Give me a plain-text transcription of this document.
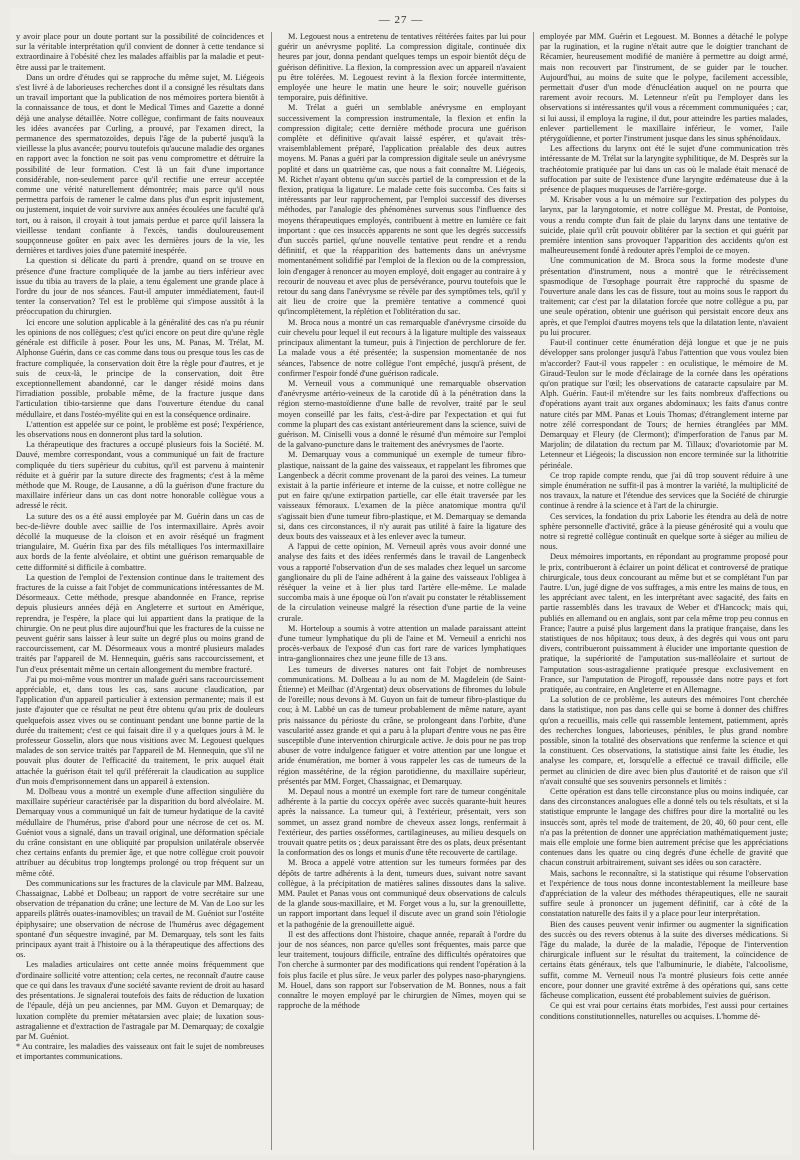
— 27 —

y avoir place pour un doute portant sur la possibilité de coïncidences et sur la véritable interprétation qu'il convient de donner à cette tendance si extraordinaire à l'obésité chez les malades affaiblis par la maladie et peut-être aussi par le traitement.

Dans un ordre d'études qui se rapproche du même sujet, M. Liégeois s'est livré à de laborieuses recherches dont il a consigné les résultats dans un travail important que la publication de nos mémoires portera bientôt à la connaissance de tous, et dont le Medical Times and Gazette a donné déjà une analyse détaillée. Notre collègue, confirmant de faits nouveaux les idées avancées par Curling, a prouvé, par l'examen direct, la permanence des spermatozoïdes, depuis l'âge de la puberté jusqu'à la vieillesse la plus avancée; pourvu toutefois qu'aucune maladie des organes en rapport avec la fonction ne soit pas venu compromettre et détruire la possibilité de leur formation. C'est là un fait d'une importance considérable, non-seulement parce qu'il rectifie une erreur acceptée comme une vérité naturellement démontrée; mais parce qu'il nous permettra parfois de ramener le calme dans plus d'un esprit injustement, ou justement, inquiet de voir survivre aux années écoulées une faculté qu'à tort, ou à raison, il croyait à tout jamais perdue et parce qu'il laissera la vieillesse tendant confiante à l'excès, tandis douloureusement soupçonneuse goûter en paix avec les dernières jours de la vie, les dernières et tardives joies d'une paternité inespérée.

La question si délicate du parti à prendre, quand on se trouve en présence d'une fracture compliquée de la jambe au tiers inférieur avec issue du tibia au travers de la plaie, a tenu également une grande place à l'ordre du jour de nos séances. Faut-il amputer immédiatement, faut-il tenter la conservation? Tel est le problème qui s'impose aussitôt à la préoccupation du chirurgien.

Ici encore une solution applicable à la généralité des cas n'a pu réunir les opinions de nos collègues; c'est qu'ici encore on peut dire qu'une règle générale est difficile à poser. Pour les uns, M. Panas, M. Trélat, M. Alphonse Guérin, dans ce cas comme dans tous ou presque tous les cas de fracture compliquée, la conservation doit être la règle pour d'autres, et je suis de ceux-là, le principe de la conservation, doit être exceptionnellement abandonné, car le danger résidé moins dans l'irradiation possible, probable même, de la fracture jusque dans l'articulation tibio-tarsienne que dans l'ouverture étendue du canal médullaire, et dans l'ostéo-myélite qui en est la conséquence ordinaire.

L'attention est appelée sur ce point, le problème est posé; l'expérience, les observations nous en donneront plus tard la solution.

La thérapeutique des fractures a occupé plusieurs fois la Société. M. Dauvé, membre correspondant, vous a communiqué un fait de fracture compliquée du tiers supérieur du cubitus, qu'il est parvenu à maintenir réduite et à guérir par la suture directe des fragments; c'est à la même méthode que M. Rouge, de Lausanne, a dû la guérison d'une fracture du maxillaire inférieur dans un cas dont notre honorable collègue vous a adressé le récit.

La suture des os a été aussi employée par M. Guérin dans un cas de bec-de-lièvre double avec saillie de l'os intermaxillaire. Après avoir décollé la muqueuse de la cloison et en avoir réséqué un fragment triangulaire, M. Guérin fixa par des fils métalliques l'os intermaxillaire aux bords de la fente alvéolaire, et obtint une guérison remarquable de cette difformité si difficile à combattre.

La question de l'emploi de l'extension continue dans le traitement des fractures de la cuisse a fait l'objet de communications intéressantes de M. Désormeaux. Cette méthode, presque abandonnée en France, reprise depuis plusieurs années déjà en Angleterre et surtout en Amérique, reprendra, je l'espère, la place qui lui appartient dans la pratique de la chirurgie. On ne peut plus dire aujourd'hui que les fractures de la cuisse ne peuvent guérir sans laisser à leur suite un degré plus ou moins grand de raccourcissement, car M. Désormeaux vous a montré plusieurs malades traités par l'appareil de M. Hennequin, guéris sans raccourcissement, et l'un d'eux présentait même un certain allongement du membre fracturé.

J'ai pu moi-même vous montrer un malade guéri sans raccourcissement appréciable, et, dans tous les cas, sans aucune claudication, par l'application d'un appareil particulier à extension permanente; mais il est juste d'ajouter que ce résultat ne peut être obtenu qu'au prix de douleurs quelquefois assez vives ou se continuant pendant une bonne partie de la durée du traitement; c'est ce qui faisait dire il y a quelques jours à M. le professeur Gosselin, alors que nous visitions avec M. Legouest quelques malades de son service traités par l'appareil de M. Hennequin, que s'il ne pouvait plus douter de l'efficacité du traitement, le prix auquel était attachée la guérison était tel qu'il préférerait la claudication au supplice d'un mois d'emprisonnement dans un appareil à extension.

M. Dolbeau vous a montré un exemple d'une affection singulière du maxillaire supérieur caractérisée par la disparition du bord alvéolaire. M. Demarquay vous a communiqué un fait de tumeur hydatique de la cavité médullaire de l'humérus, prise d'abord pour une nécrose de cet os. M. Guéniot vous a signalé, dans un travail original, une déformation spéciale du crâne consistant en une obliquité par propulsion unilatérale observée chez certains enfants du premier âge, et que notre collègue croit pouvoir attribuer au décubitus trop longtemps prolongé ou trop fréquent sur un même côté.

Des communications sur les fractures de la clavicule par MM. Balzeau, Chassaignac, Labbé et Dolbeau; un rapport de votre secrétaire sur une observation de trépanation du crâne; une lecture de M. Van de Loo sur les appareils plâtrés ouates-inamovibles; un travail de M. Guéniot sur l'ostéite épiphysaire; une observation de nécrose de l'humérus avec dégagement spontané d'un séquestre invaginé, par M. Demarquay, tels sont les faits principaux ayant trait à l'histoire ou à la thérapeutique des affections des os.

Les maladies articulaires ont cette année moins fréquemment que d'ordinaire sollicité votre attention; cela certes, ne reconnaît d'autre cause que ce qui dans les travaux d'une société savante revient de droit au hasard des présentations. Je signalerai toutefois des faits de réduction de luxation de l'épaule, déjà un peu anciennes, par MM. Guyon et Demarquay; de luxation complète du premier métatarsien avec plaie; de luxation sous-astragalienne et d'extraction de l'astragale par M. Demarquay; de coxalgie par M. Guéniot.

* Au contraire, les maladies des vaisseaux ont fait le sujet de nombreuses et importantes communications.

M. Legouest nous a entretenu de tentatives réitérées faites par lui pour guérir un anévrysme poplité. La compression digitale, continuée dix heures par jour, donna pendant quelques temps un espoir bientôt déçu de guérison définitive. La flexion, la compression avec un appareil n'avaient pu être tolérées. M. Legouest revint à la flexion forcée intermittente, employée une heure le matin une heure le soir; nouvelle guérison temporaire, puis définitive.

M. Trélat a guéri un semblable anévrysme en employant successivement la compression instrumentale, la flexion et enfin la compression digitale; cette dernière méthode procura une guérison complète et définitive qu'avait laissé espérer, et qu'avait très-vraisemblablement préparé, l'application préalable des deux autres moyens. M. Panas a guéri par la compression digitale seule un anévrysme poplité et dans un quatrième cas, que nous a fait connaître M. Liégeois, M. Richet n'ayant obtenu qu'un succès partiel de la compression et de la flexion, pratiqua la ligature. Le malade cette fois succomba. Ces faits si intéressants par leur rapprochement, par l'emploi successif des diverses méthodes, par l'analogie des phénomènes survenus sous l'influence des moyens thérapeutiques employés, contribuent à mettre en lumière ce fait important : que ces insuccès apparents ne sont que les degrés successifs d'un succès partiel, qu'une nouvelle tentative peut rendre et a rendu définitif, et que la réapparition des battements dans un anévrysme momentanément solidifié par l'emploi de la flexion ou de la compression, loin d'engager à renoncer au moyen employé, doit engager au contraire à y recourir de nouveau et avec plus de persévérance, pourvu toutefois que le retour du sang dans l'anévrysme se révèle par des symptômes tels, qu'il y ait lieu de croire que la première tentative a commencé quoi qu'incomplètement, la réplétion et l'oblitération du sac.

M. Broca nous a montré un cas remarquable d'anévrysme cirsoïde du cuir chevelu pour lequel il eut recours à la ligature multiple des vaisseaux principaux alimentant la tumeur, puis à l'injection de perchlorure de fer. La malade vous a été présentée; la suspension momentanée de nos séances, l'absence de notre collègue l'ont empêché, jusqu'à présent, de confirmer l'espoir fondé d'une guérison radicale.

M. Verneuil vous a communiqué une remarquable observation d'anévrysme artério-veineux de la carotide dû à la pénétration dans la région sterno-mastoïdienne d'une balle de revolver, traité par le seul moyen conseillé par les faits, c'est-à-dire par l'expectation et qui fut comme la plupart des cas existant antérieurement dans la science, suivi de guérison. M. Ciniselli vous a donné le résumé d'un mémoire sur l'emploi de la galvano-puncture dans le traitement des anévrysmes de l'aorte.

M. Demarquay vous a communiqué un exemple de tumeur fibro-plastique, naissant de la gaine des vaisseaux, et rappelant les fibromes que Langenbeck a décrit comme provenant de la paroi des veines. La tumeur existait à la partie inférieure et interne de la cuisse, et notre collègue ne put en faire qu'une extirpation partielle, car elle était traversée par les vaisseaux fémoraux. L'examen de la pièce anatomique montra qu'il s'agissait bien d'une tumeur fibro-plastique, et M. Demarquay se demanda si, dans ces circonstances, il n'y aurait pas utilité à faire la ligature des deux bouts des vaisseaux et à les enlever avec la tumeur.

A l'appui de cette opinion, M. Verneuil après vous avoir donné une analyse des faits et des idées renfermés dans le travail de Langenbeck vous a rapporté l'observation d'un de ses malades chez lequel un sarcome ganglionaire du pli de l'aine adhérent à la gaine des vaisseaux l'obligea à réséquer la veine et à lier plus tard l'artère elle-même. Le malade succomba mais à une époque où l'on n'avait pu constater le rétablissement de la circulation veineuse malgré la résection d'une partie de la veine crurale.

M. Horteloup a soumis à votre attention un malade paraissant atteint d'une tumeur lymphatique du pli de l'aine et M. Verneuil a enrichi nos procès-verbaux de l'exposé d'un cas fort rare de varices lymphatiques intra-ganglionnaires chez une jeune fille de 13 ans.

Les tumeurs de diverses natures ont fait l'objet de nombreuses communications. M. Dolbeau a lu au nom de M. Magdelein (de Saint-Étienne) et Meilhac (d'Argentat) deux observations de fibromes du lobule de l'oreille; nous devons à M. Guyon un fait de tumeur fibro-plastique du cou; à M. Labbé un cas de tumeur probablement de même nature, ayant pris naissance du périoste du crâne, se prolongeant dans l'orbite, d'une vascularité assez grande et qui a paru à la plupart d'entre vous ne pas être susceptible d'une intervention chirurgicale active. Je dois pour ne pas trop abuser de votre indulgence fatiguer et votre attention par une longue et aride énumération, me borner à vous rappeler les cas de tumeurs de la région massétérine, de la région parotidienne, du maxillaire supérieur, présentés par MM. Forget, Chassaignac, et Demarquay.

M. Depaul nous a montré un exemple fort rare de tumeur congénitale adhérente à la partie du coccyx opérée avec succès quarante-huit heures après la naissance. La tumeur qui, à l'extérieur, présentait, vers son sommet, un assez grand nombre de cheveux assez longs, renfermait à l'extérieur, des parties osséformes, cartilagineuses, au milieu desquels on trouvait quatre petits os ; deux paraissant être des os plats, deux présentant la conformation des os longs et munis d'une tête recouverte de cartilage.

M. Broca a appelé votre attention sur les tumeurs formées par des dépôts de tartre adhérents à la dent, tumeurs dues, suivant notre savant collègue, à la précipitation de matières salines dissoutes dans la salive. MM. Paulet et Panas vous ont communiqué deux observations de calculs de la glande sous-maxillaire, et M. Forget vous a lu, sur la grenouillette, un rapport important dans lequel il discute avec un grand soin l'étiologie et la pathogénie de la grenouillette aiguë.

Il est des affections dont l'histoire, chaque année, reparaît à l'ordre du jour de nos séances, non parce qu'elles sont fréquentes, mais parce que leur traitement, toujours difficile, entraîne des difficultés opératoires que l'on cherche à surmonter par des modifications qui rendent l'opération à la fois plus facile et plus sûre. Je veux parler des polypes naso-pharyngiens. M. Houel, dans son rapport sur l'observation de M. Bonnes, nous a fait connaître le moyen employé par le chirurgien de Nîmes, moyen qui se rapproche de la méthode

employée par MM. Guérin et Legouest. M. Bonnes a détaché le polype par la rugination, et la rugine n'était autre que le doigtier tranchant de Récamier, heureusement modifié de manière à permettre au doigt armé, mais non recouvert par l'instrument, de se guider par le toucher. Aujourd'hui, au moins de suite que le polype, facilement accessible, permettait d'user d'un mode d'énucléation auquel on ne pourra que rarement avoir recours. M. Letenneur n'eût pu l'employer dans les observations si intéressantes qu'il vous a récemment communiquées ; car, si lui aussi, il employa la rugine, il dut, pour atteindre les parties malades, enlever partiellement le maxillaire inférieur, le vomer, l'aile ptérygoïdienne, et porter l'instrument jusque dans les sinus sphénoïdaux.

Les affections du larynx ont été le sujet d'une communication très intéressante de M. Trélat sur la laryngite syphilitique, de M. Desprès sur la trachéotomie pratiquée par lui dans un cas où le malade était menacé de suffocation par suite de l'existence d'une laryngite œdémateuse due à la présence de plaques muqueuses de l'arrière-gorge.

M. Krisaber vous a lu un mémoire sur l'extirpation des polypes du larynx, par la laryngotomie, et notre collègue M. Prestat, de Pontoise, vous a rendu compte d'un fait de plaie du larynx dans une tentative de suicide, plaie qu'il crût pouvoir oblitérer par la section et qui guérit par première intention sans provoquer l'apparition des accidents qu'on est malheureusement fondé à redouter après l'emploi de ce moyen.

Une communication de M. Broca sous la forme modeste d'une présentation d'instrument, nous a montré que le rétrécissement spasmodique de l'œsophage pourrait être rapproché du spasme de l'ouverture anale dans les cas de fissure, tout au moins sous le rapport du traitement; car c'est par la dilatation forcée que notre collègue a pu, par une seule opération, obtenir une guérison qui persistait encore deux ans après, et que l'emploi d'autres moyens tels que la dilatation lente, n'avaient pu lui procurer.

Faut-il continuer cette énumération déjà longue et que je ne puis développer sans prolonger jusqu'à l'abus l'attention que vous voulez bien m'accorder? Faut-il vous rappeler : en oculistique, le mémoire de M. Giraud-Teulon sur le mode d'éclairage de la cornée dans les opérations qu'on pratique sur l'œil; les observations de cataracte capsulaire par M. Alph. Guérin. Faut-il m'étendre sur les faits nombreux d'affections ou d'opérations ayant trait aux organes abdominaux; les faits d'anus contre nature cités par MM. Panas et Louis Thomas; d'étranglement interne par notre zélé correspondant de Tours; de hernies étranglées par MM. Demarquay et Fleury (de Clermont); d'imperforation de l'anus par M. Marjolin; de dilatation du rectum par M. Tillaux; d'ovariotomie par M. Letenneur et Liégeois; la discussion non encore terminée sur la lithotritie périnéale.

Ce trop rapide compte rendu, que j'ai dû trop souvent réduire à une simple énumération ne suffit-il pas à montrer la variété, la multiplicité de nos travaux, la nature et l'étendue des services que la Société de chirurgie continue à rendre à la science et à l'art de la chirurgie.

Ces services, la fondation du prix Laborie les étendra au delà de notre sphère personnelle d'activité, grâce à la pieuse générosité qui a voulu que notre si regretté collègue continuât en quelque sorte à siéger au milieu de nous.

Deux mémoires importants, en répondant au programme proposé pour le prix, contribueront à éclairer un point délicat et controversé de pratique chirurgicale, tous deux concourant au même but et se complétant l'un par l'autre. L'un, jugé digne de vos suffrages, a mis entre les mains de tous, en les appréciant avec talent, en les interprétant avec sagacité, des faits en partie rassemblés dans les travaux de Weber et d'Hancock; mais qui, publiés en allemand ou en anglais, sont par cela même trop peu connus en France; l'autre a puisé plus largement dans la pratique française, dans les statistiques de nos hôpitaux; tous deux, à des degrés qui vous ont paru divers, contribueront puissamment à élucider une importante question de pratique, la supériorité de l'amputation sus-malléolaire et surtout de l'amputation sous-astragalienne pratiquée presque exclusivement en France, sur l'amputation de Pirogoff, repoussée dans notre pays et fort pratiquée, au contraire, en Angleterre et en Allemagne.

La solution de ce problème, les auteurs des mémoires l'ont cherchée dans la statistique, non pas dans celle qui se borne à donner des chiffres qu'on a recueillis, mais celle qui rassemble lentement, patiemment, après des recherches longues, laborieuses, pénibles, le plus grand nombre possible, sinon la totalité des observations que renferme la science et qui la constituent. Ces observations, la statistique ainsi faite les étudie, les analyse les compare, et, lorsqu'elle a effectué ce travail difficile, elle permet au clinicien de dire avec bien plus d'autorité et de raison que s'il n'avait consulté que ses souvenirs personnels et limités :

Cette opération est dans telle circonstance plus ou moins indiquée, car dans des circonstances analogues elle a donné tels ou tels résultats, et si la statistique emprunte le langage des chiffres pour dire la mortalité ou les insuccès sont, après tel mode de traitement, de 20, 40, 60 pour cent, elle n'a pas la prétention de donner une appréciation mathématiquement juste; mais elle emploie une forme bien autrement précise que les appréciations contenues dans les quatre ou cinq degrés d'une échelle de gravité que chacun construit arbitrairement, suivant ses idées ou son caractère.

Mais, sachons le reconnaître, si la statistique qui résume l'observation et l'expérience de tous nous donne incontestablement la meilleure base d'appréciation de la valeur des méthodes thérapeutiques, elle ne saurait suffire seule à prononcer un jugement définitif, car à côté de la constatation naturelle des faits il y a place pour leur interprétation.

Bien des causes peuvent venir infirmer ou augmenter la signification des succès ou des revers obtenus à la suite des diverses médications. Si l'âge du malade, la durée de la maladie, l'époque de l'intervention chirurgicale influent sur le résultat du traitement, la coïncidence de certains états généraux, tels que l'albuminurie, le diabète, l'alcoolisme, suffit, comme M. Verneuil nous l'a montré plusieurs fois cette année encore, pour donner une gravité extrême à des opérations qui, sans cette fâcheuse complication, eussent été probablement suivies de guérison.

Ce qui est vrai pour certains états morbides, l'est aussi pour certaines conditions constitutionnelles, naturelles ou acquises. L'homme dé-
